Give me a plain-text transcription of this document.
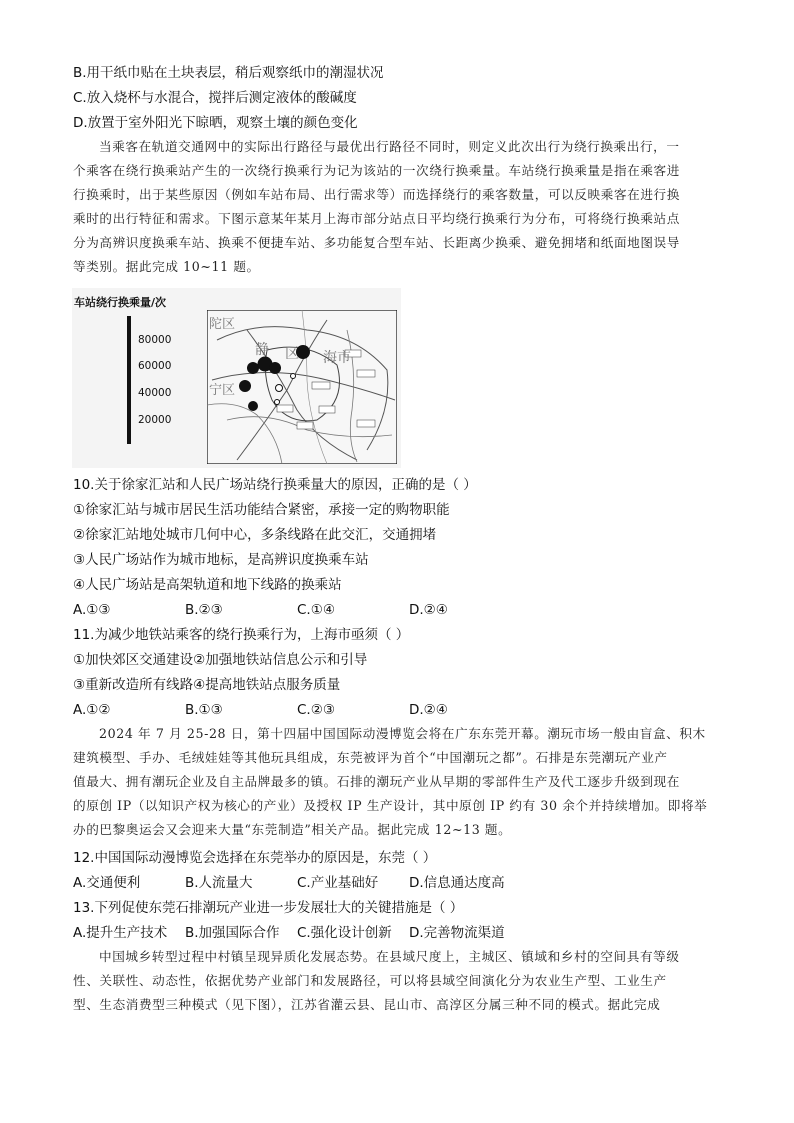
B.用干纸巾贴在土块表层，稍后观察纸巾的潮湿状况
C.放入烧杯与水混合，搅拌后测定液体的酸碱度
D.放置于室外阳光下晾晒，观察土壤的颜色变化
当乘客在轨道交通网中的实际出行路径与最优出行路径不同时，则定义此次出行为绕行换乘出行，一
个乘客在绕行换乘站产生的一次绕行换乘行为记为该站的一次绕行换乘量。车站绕行换乘量是指在乘客进
行换乘时，出于某些原因（例如车站布局、出行需求等）而选择绕行的乘客数量，可以反映乘客在进行换
乘时的出行特征和需求。下图示意某年某月上海市部分站点日平均绕行换乘行为分布，可将绕行换乘站点
分为高辨识度换乘车站、换乘不便捷车站、多功能复合型车站、长距离少换乘、避免拥堵和纸面地图误导
等类别。据此完成 10~11 题。
车站绕行换乘量/次
80000
60000
40000
20000
陀区
静 区 海市
宁区
10.关于徐家汇站和人民广场站绕行换乘量大的原因，正确的是（ ）
①徐家汇站与城市居民生活功能结合紧密，承接一定的购物职能
②徐家汇站地处城市几何中心，多条线路在此交汇，交通拥堵
③人民广场站作为城市地标，是高辨识度换乘车站
④人民广场站是高架轨道和地下线路的换乘站
A.①③	B.②③	C.①④	D.②④
11.为减少地铁站乘客的绕行换乘行为，上海市亟须（ ）
①加快郊区交通建设②加强地铁站信息公示和引导
③重新改造所有线路④提高地铁站点服务质量
A.①②	B.①③	C.②③	D.②④
2024 年 7 月 25-28 日，第十四届中国国际动漫博览会将在广东东莞开幕。潮玩市场一般由盲盒、积木
建筑模型、手办、毛绒娃娃等其他玩具组成，东莞被评为首个“中国潮玩之都”。石排是东莞潮玩产业产
值最大、拥有潮玩企业及自主品牌最多的镇。石排的潮玩产业从早期的零部件生产及代工逐步升级到现在
的原创 IP（以知识产权为核心的产业）及授权 IP 生产设计，其中原创 IP 约有 30 余个并持续增加。即将举
办的巴黎奥运会又会迎来大量“东莞制造”相关产品。据此完成 12~13 题。
12.中国国际动漫博览会选择在东莞举办的原因是，东莞（ ）
A.交通便利	B.人流量大	C.产业基础好 D.信息通达度高
13.下列促使东莞石排潮玩产业进一步发展壮大的关键措施是（ ）
A.提升生产技术 B.加强国际合作 C.强化设计创新 D.完善物流渠道
中国城乡转型过程中村镇呈现异质化发展态势。在县域尺度上，主城区、镇域和乡村的空间具有等级
性、关联性、动态性，依据优势产业部门和发展路径，可以将县域空间演化分为农业生产型、工业生产
型、生态消费型三种模式（见下图），江苏省灌云县、昆山市、高淳区分属三种不同的模式。据此完成
